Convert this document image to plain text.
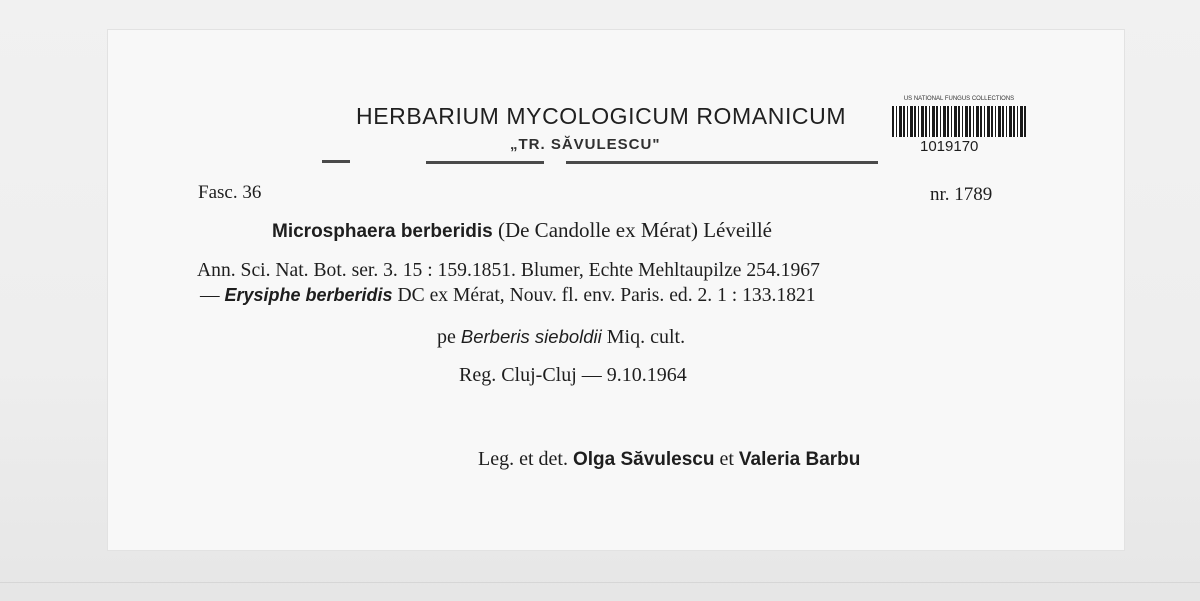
HERBARIUM MYCOLOGICUM ROMANICUM
„TR. SĂVULESCU"
US NATIONAL FUNGUS COLLECTIONS
1019170
Fasc. 36	nr. 1789
Microsphaera berberidis (De Candolle ex Mérat) Léveillé
Ann. Sci. Nat. Bot. ser. 3. 15 : 159.1851. Blumer, Echte Mehltaupilze 254.1967
— Erysiphe berberidis DC ex Mérat, Nouv. fl. env. Paris. ed. 2. 1 : 133.1821
pe Berberis sieboldii Miq. cult.
Reg. Cluj-Cluj — 9.10.1964
Leg. et det. Olga Săvulescu et Valeria Barbu
